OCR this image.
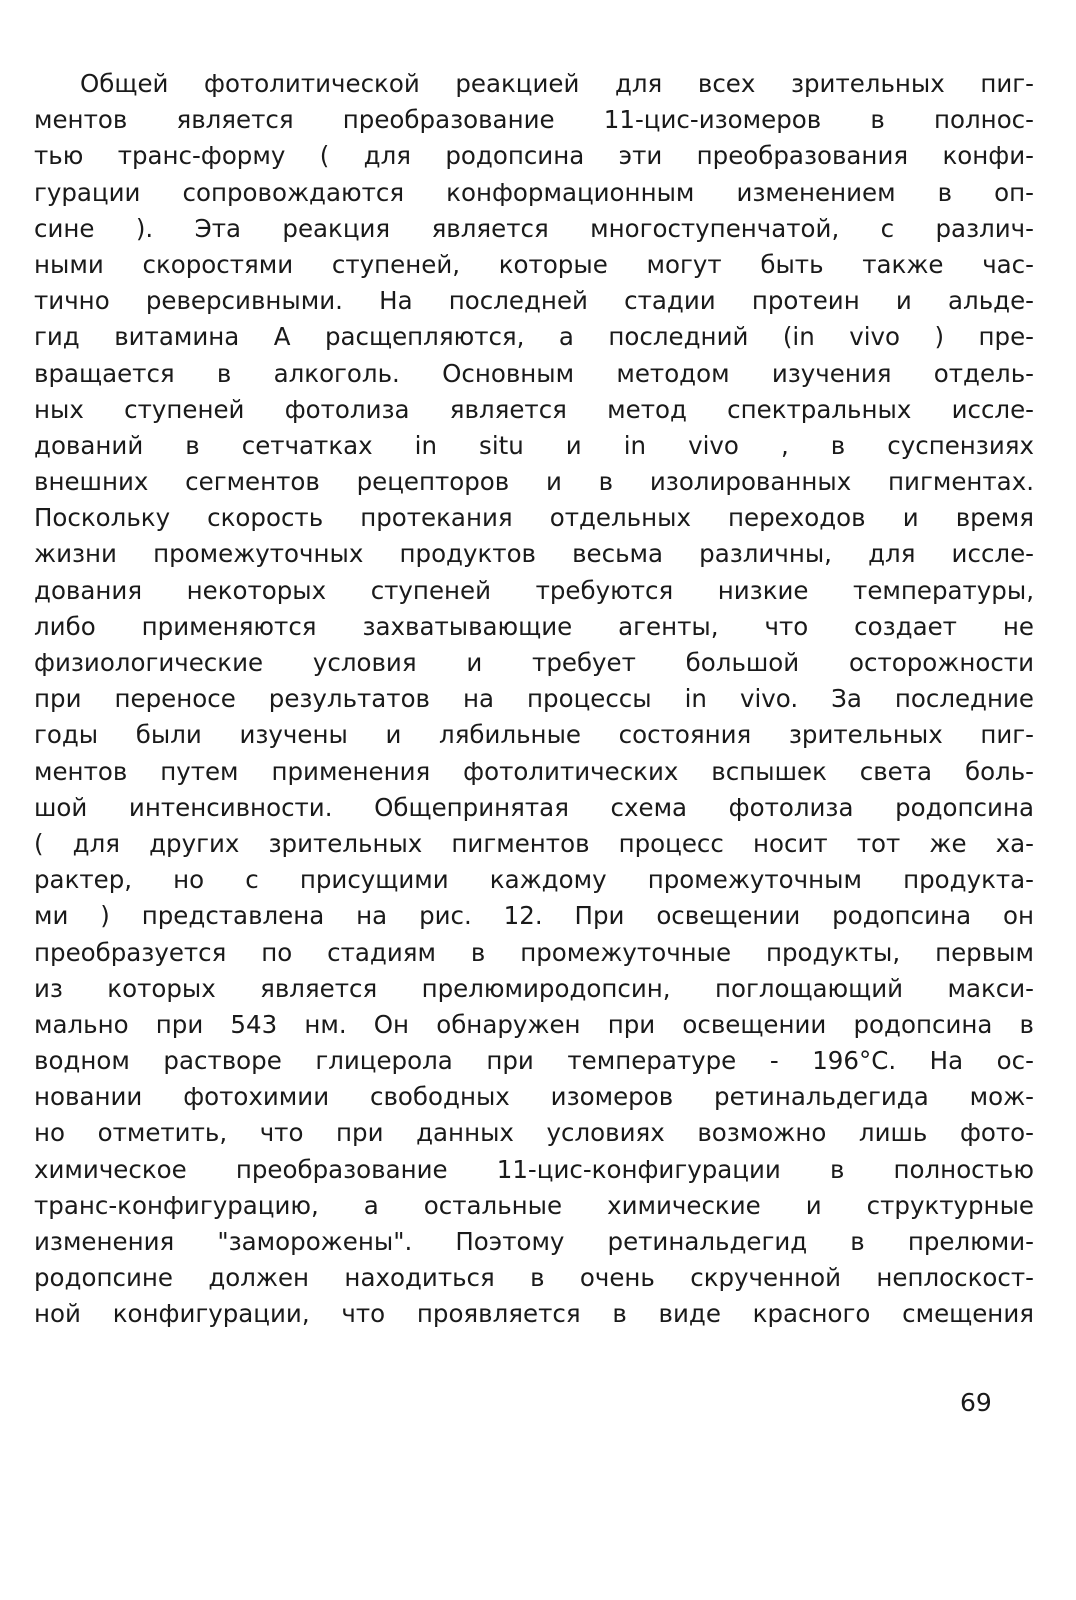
Общей фотолитической реакцией для всех зрительных пиг-
ментов является преобразование 11-цис-изомеров в полнос-
тью транс-форму ( для родопсина эти преобразования конфи-
гурации сопровождаются конформационным изменением в оп-
сине ). Эта реакция является многоступенчатой, с различ-
ными скоростями ступеней, которые могут быть также час-
тично реверсивными. На последней стадии протеин и альде-
гид витамина А расщепляются, а последний (in vivo ) пре-
вращается в алкоголь. Основным методом изучения отдель-
ных ступеней фотолиза является метод спектральных иссле-
дований в сетчатках in situ и in vivo , в суспензиях
внешних сегментов рецепторов и в изолированных пигментах.
Поскольку скорость протекания отдельных переходов и время
жизни промежуточных продуктов весьма различны, для иссле-
дования некоторых ступеней требуются низкие температуры,
либо применяются захватывающие агенты, что создает не
физиологические условия и требует большой осторожности
при переносе результатов на процессы in vivo. За последние
годы были изучены и лябильные состояния зрительных пиг-
ментов путем применения фотолитических вспышек света боль-
шой интенсивности. Общепринятая схема фотолиза родопсина
( для других зрительных пигментов процесс носит тот же ха-
рактер, но с присущими каждому промежуточным продукта-
ми ) представлена на рис. 12. При освещении родопсина он
преобразуется по стадиям в промежуточные продукты, первым
из которых является прелюмиродопсин, поглощающий макси-
мально при 543 нм. Он обнаружен при освещении родопсина в
водном растворе глицерола при температуре - 196°С. На ос-
новании фотохимии свободных изомеров ретинальдегида мож-
но отметить, что при данных условиях возможно лишь фото-
химическое преобразование 11-цис-конфигурации в полностью
транс-конфигурацию, а остальные химические и структурные
изменения "заморожены". Поэтому ретинальдегид в прелюми-
родопсине должен находиться в очень скрученной неплоскост-
ной конфигурации, что проявляется в виде красного смещения
69
